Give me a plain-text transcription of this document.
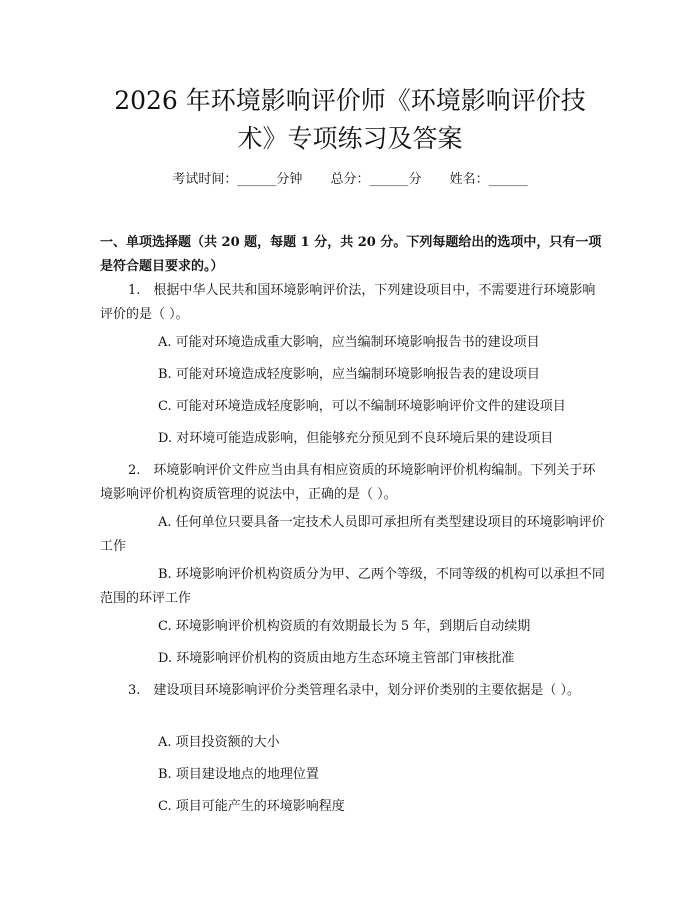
2026 年环境影响评价师《环境影响评价技
术》专项练习及答案
考试时间：______分钟 总分：______分 姓名：______
一、单项选择题（共 20 题，每题 1 分，共 20 分。下列每题给出的选项中，只有一项是符合题目要求的。）
1.　根据中华人民共和国环境影响评价法，下列建设项目中，不需要进行环境影响评价的是（ ）。
A. 可能对环境造成重大影响，应当编制环境影响报告书的建设项目
B. 可能对环境造成轻度影响，应当编制环境影响报告表的建设项目
C. 可能对环境造成轻度影响，可以不编制环境影响评价文件的建设项目
D. 对环境可能造成影响，但能够充分预见到不良环境后果的建设项目
2.　环境影响评价文件应当由具有相应资质的环境影响评价机构编制。下列关于环境影响评价机构资质管理的说法中，正确的是（ ）。
A. 任何单位只要具备一定技术人员即可承担所有类型建设项目的环境影响评价工作
B. 环境影响评价机构资质分为甲、乙两个等级，不同等级的机构可以承担不同范围的环评工作
C. 环境影响评价机构资质的有效期最长为 5 年，到期后自动续期
D. 环境影响评价机构的资质由地方生态环境主管部门审核批准
3.　建设项目环境影响评价分类管理名录中，划分评价类别的主要依据是（ ）。
A. 项目投资额的大小
B. 项目建设地点的地理位置
C. 项目可能产生的环境影响程度
